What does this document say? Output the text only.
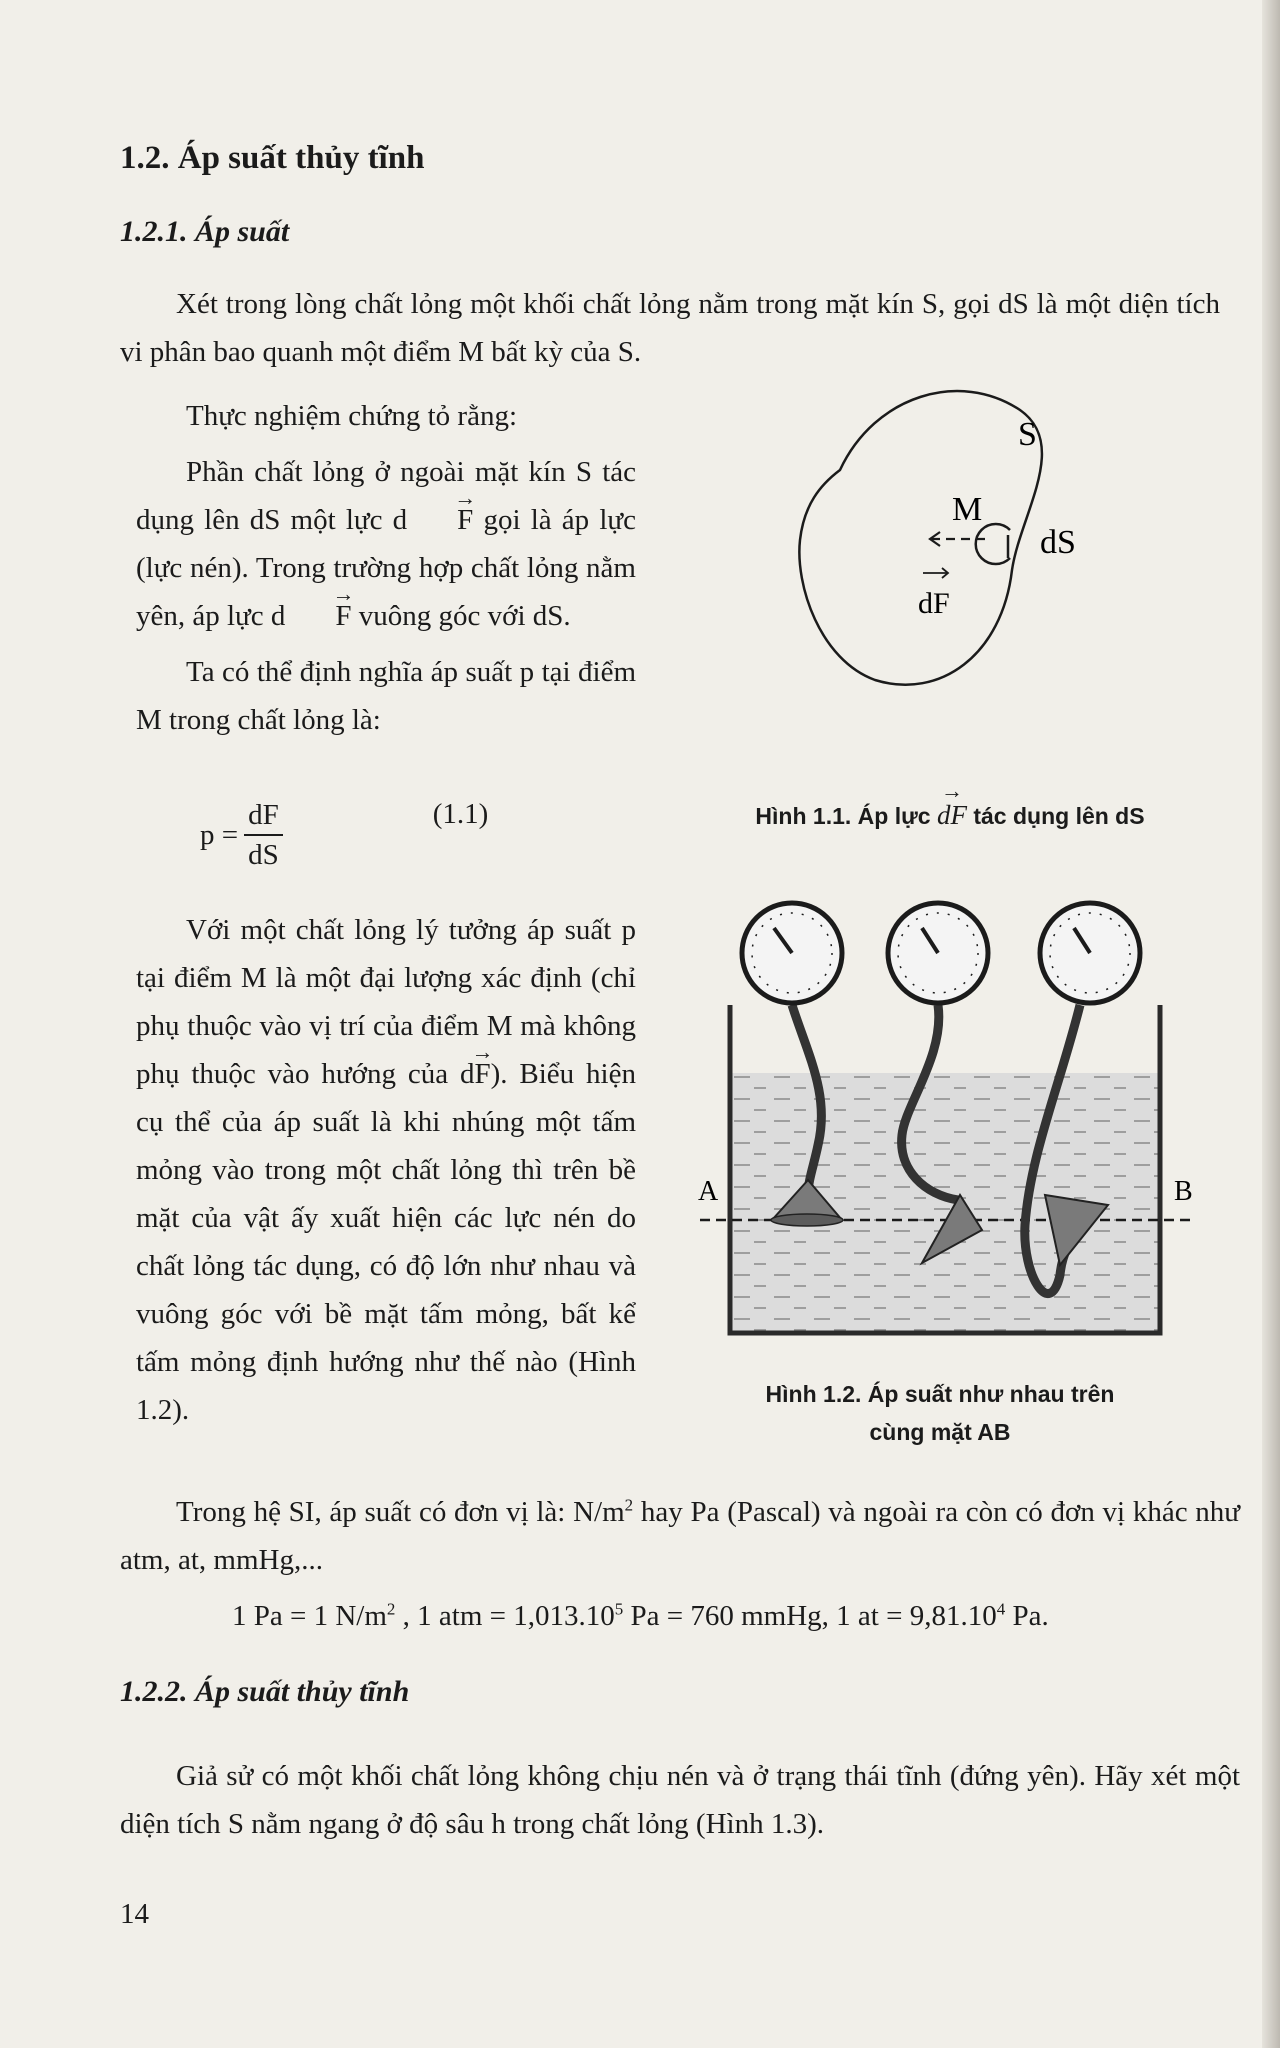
1.2. Áp suất thủy tĩnh
1.2.1. Áp suất
Xét trong lòng chất lỏng một khối chất lỏng nằm trong mặt kín S, gọi dS là một diện tích vi phân bao quanh một điểm M bất kỳ của S.

Thực nghiệm chứng tỏ rằng:

Phần chất lỏng ở ngoài mặt kín S tác dụng lên dS một lực d → F gọi là áp lực (lực nén). Trong trường hợp chất lỏng nằm yên, áp lực d → F vuông góc với dS.

Ta có thể định nghĩa áp suất p tại điểm M trong chất lỏng là:

$p = \frac{dF}{dS}$	(1.1)
Với một chất lỏng lý tưởng áp suất p tại điểm M là một đại lượng xác định (chỉ phụ thuộc vào vị trí của điểm M mà không phụ thuộc vào hướng của d→ F). Biểu hiện cụ thể của áp suất là khi nhúng một tấm mỏng vào trong một chất lỏng thì trên bề mặt của vật ấy xuất hiện các lực nén do chất lỏng tác dụng, có độ lớn như nhau và vuông góc với bề mặt tấm mỏng, bất kể tấm mỏng định hướng như thế nào (Hình 1.2).
S
M
dS
dF
Hình 1.1. Áp lực → dF tác dụng lên dS
A	B
Hình 1.2. Áp suất như nhau trên
cùng mặt AB
Trong hệ SI, áp suất có đơn vị là: $N/m^2$ hay Pa (Pascal) và ngoài ra còn có đơn vị khác như atm, at, mmHg,...
1 Pa = 1 $N/m^2$ , 1 atm = $1,013.10^5$ Pa = 760 mmHg, 1 at = $9,81.10^4$ Pa.
1.2.2. Áp suất thủy tĩnh
Giả sử có một khối chất lỏng không chịu nén và ở trạng thái tĩnh (đứng yên). Hãy xét một diện tích S nằm ngang ở độ sâu h trong chất lỏng (Hình 1.3).
14
